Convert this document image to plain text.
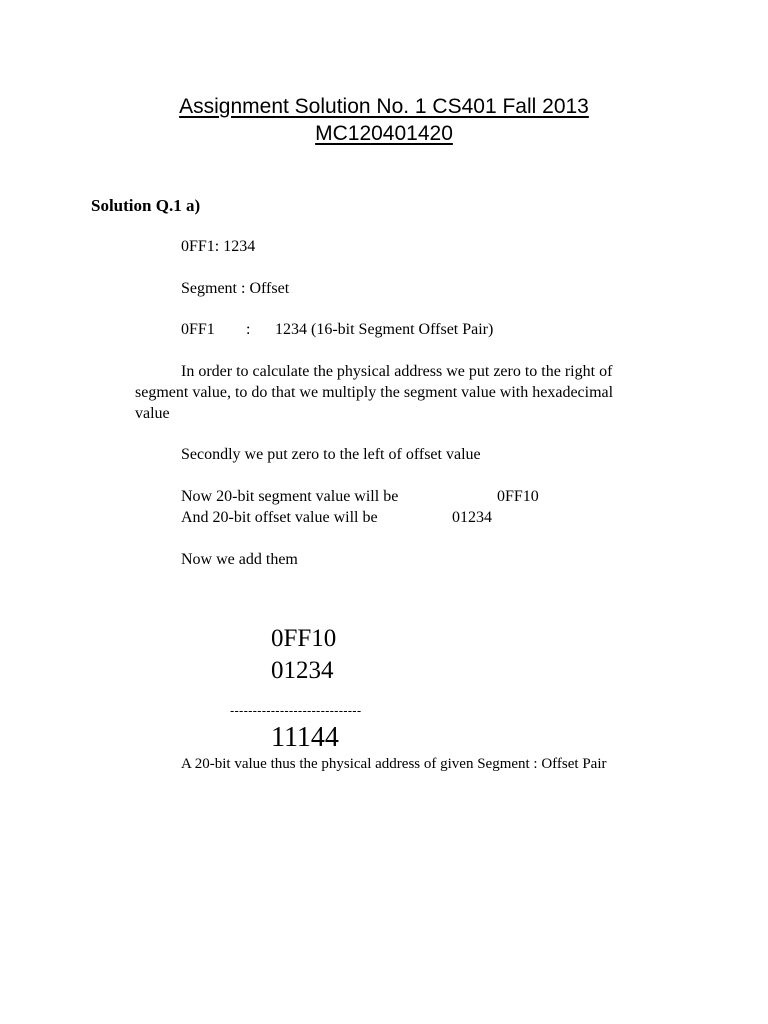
Assignment Solution No. 1 CS401 Fall 2013
MC120401420
Solution Q.1 a)
0FF1: 1234
Segment : Offset
0FF1 : 1234 (16-bit Segment Offset Pair)
In order to calculate the physical address we put zero to the right of
segment value, to do that we multiply the segment value with hexadecimal
value
Secondly we put zero to the left of offset value
Now 20-bit segment value will be	0FF10
And 20-bit offset value will be	01234
Now we add them
0FF10
01234
-----------------------------
11144
A 20-bit value thus the physical address of given Segment : Offset Pair
